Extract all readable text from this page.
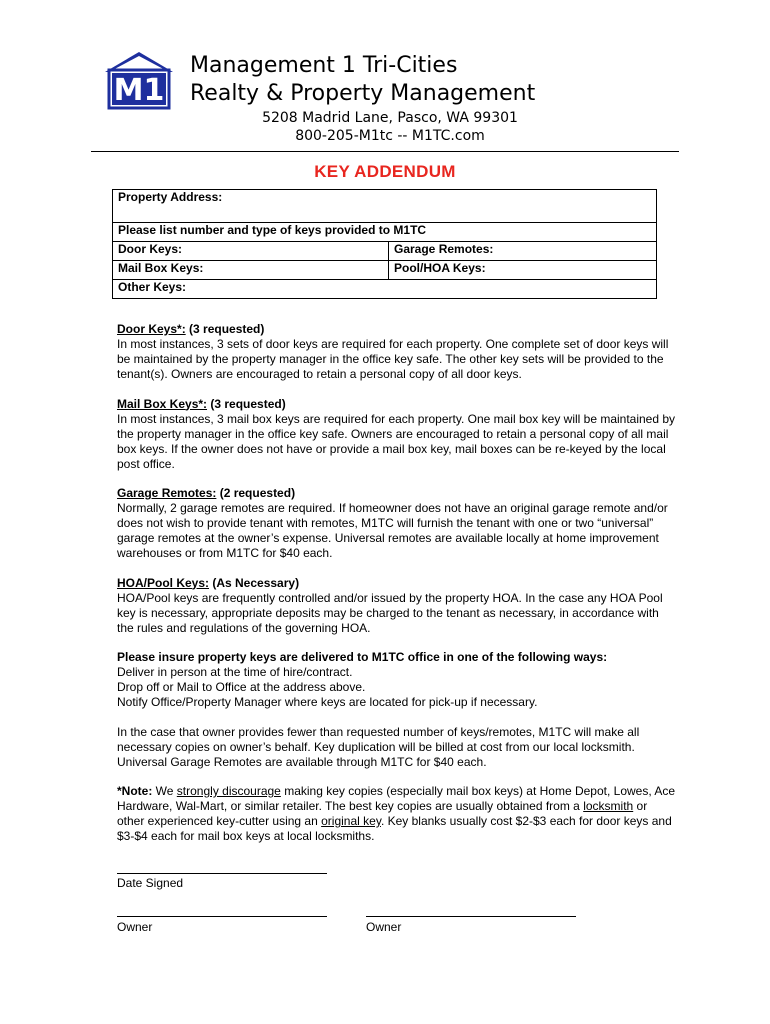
M1
Management 1 Tri-Cities
Realty & Property Management
5208 Madrid Lane, Pasco, WA 99301
800-205-M1tc -- M1TC.com
KEY ADDENDUM
Property Address:	
Please list number and type of keys provided to M1TC	
Door Keys:	Garage Remotes:
Mail Box Keys:	Pool/HOA Keys:
Other Keys:	

Door Keys*: (3 requested)
In most instances, 3 sets of door keys are required for each property. One complete set of door keys will be maintained by the property manager in the office key safe. The other key sets will be provided to the tenant(s). Owners are encouraged to retain a personal copy of all door keys.

Mail Box Keys*: (3 requested)
In most instances, 3 mail box keys are required for each property. One mail box key will be maintained by the property manager in the office key safe. Owners are encouraged to retain a personal copy of all mail box keys. If the owner does not have or provide a mail box key, mail boxes can be re-keyed by the local post office.

Garage Remotes: (2 requested)
Normally, 2 garage remotes are required. If homeowner does not have an original garage remote and/or does not wish to provide tenant with remotes, M1TC will furnish the tenant with one or two “universal” garage remotes at the owner’s expense. Universal remotes are available locally at home improvement warehouses or from M1TC for $40 each.

HOA/Pool Keys: (As Necessary)
HOA/Pool keys are frequently controlled and/or issued by the property HOA. In the case any HOA Pool key is necessary, appropriate deposits may be charged to the tenant as necessary, in accordance with the rules and regulations of the governing HOA.

Please insure property keys are delivered to M1TC office in one of the following ways:
Deliver in person at the time of hire/contract.
Drop off or Mail to Office at the address above.
Notify Office/Property Manager where keys are located for pick-up if necessary.

In the case that owner provides fewer than requested number of keys/remotes, M1TC will make all necessary copies on owner’s behalf. Key duplication will be billed at cost from our local locksmith. Universal Garage Remotes are available through M1TC for $40 each.

*Note: We strongly discourage making key copies (especially mail box keys) at Home Depot, Lowes, Ace Hardware, Wal-Mart, or similar retailer. The best key copies are usually obtained from a locksmith or other experienced key-cutter using an original key. Key blanks usually cost $2-$3 each for door keys and $3-$4 each for mail box keys at local locksmiths.

Date Signed
Owner	Owner
